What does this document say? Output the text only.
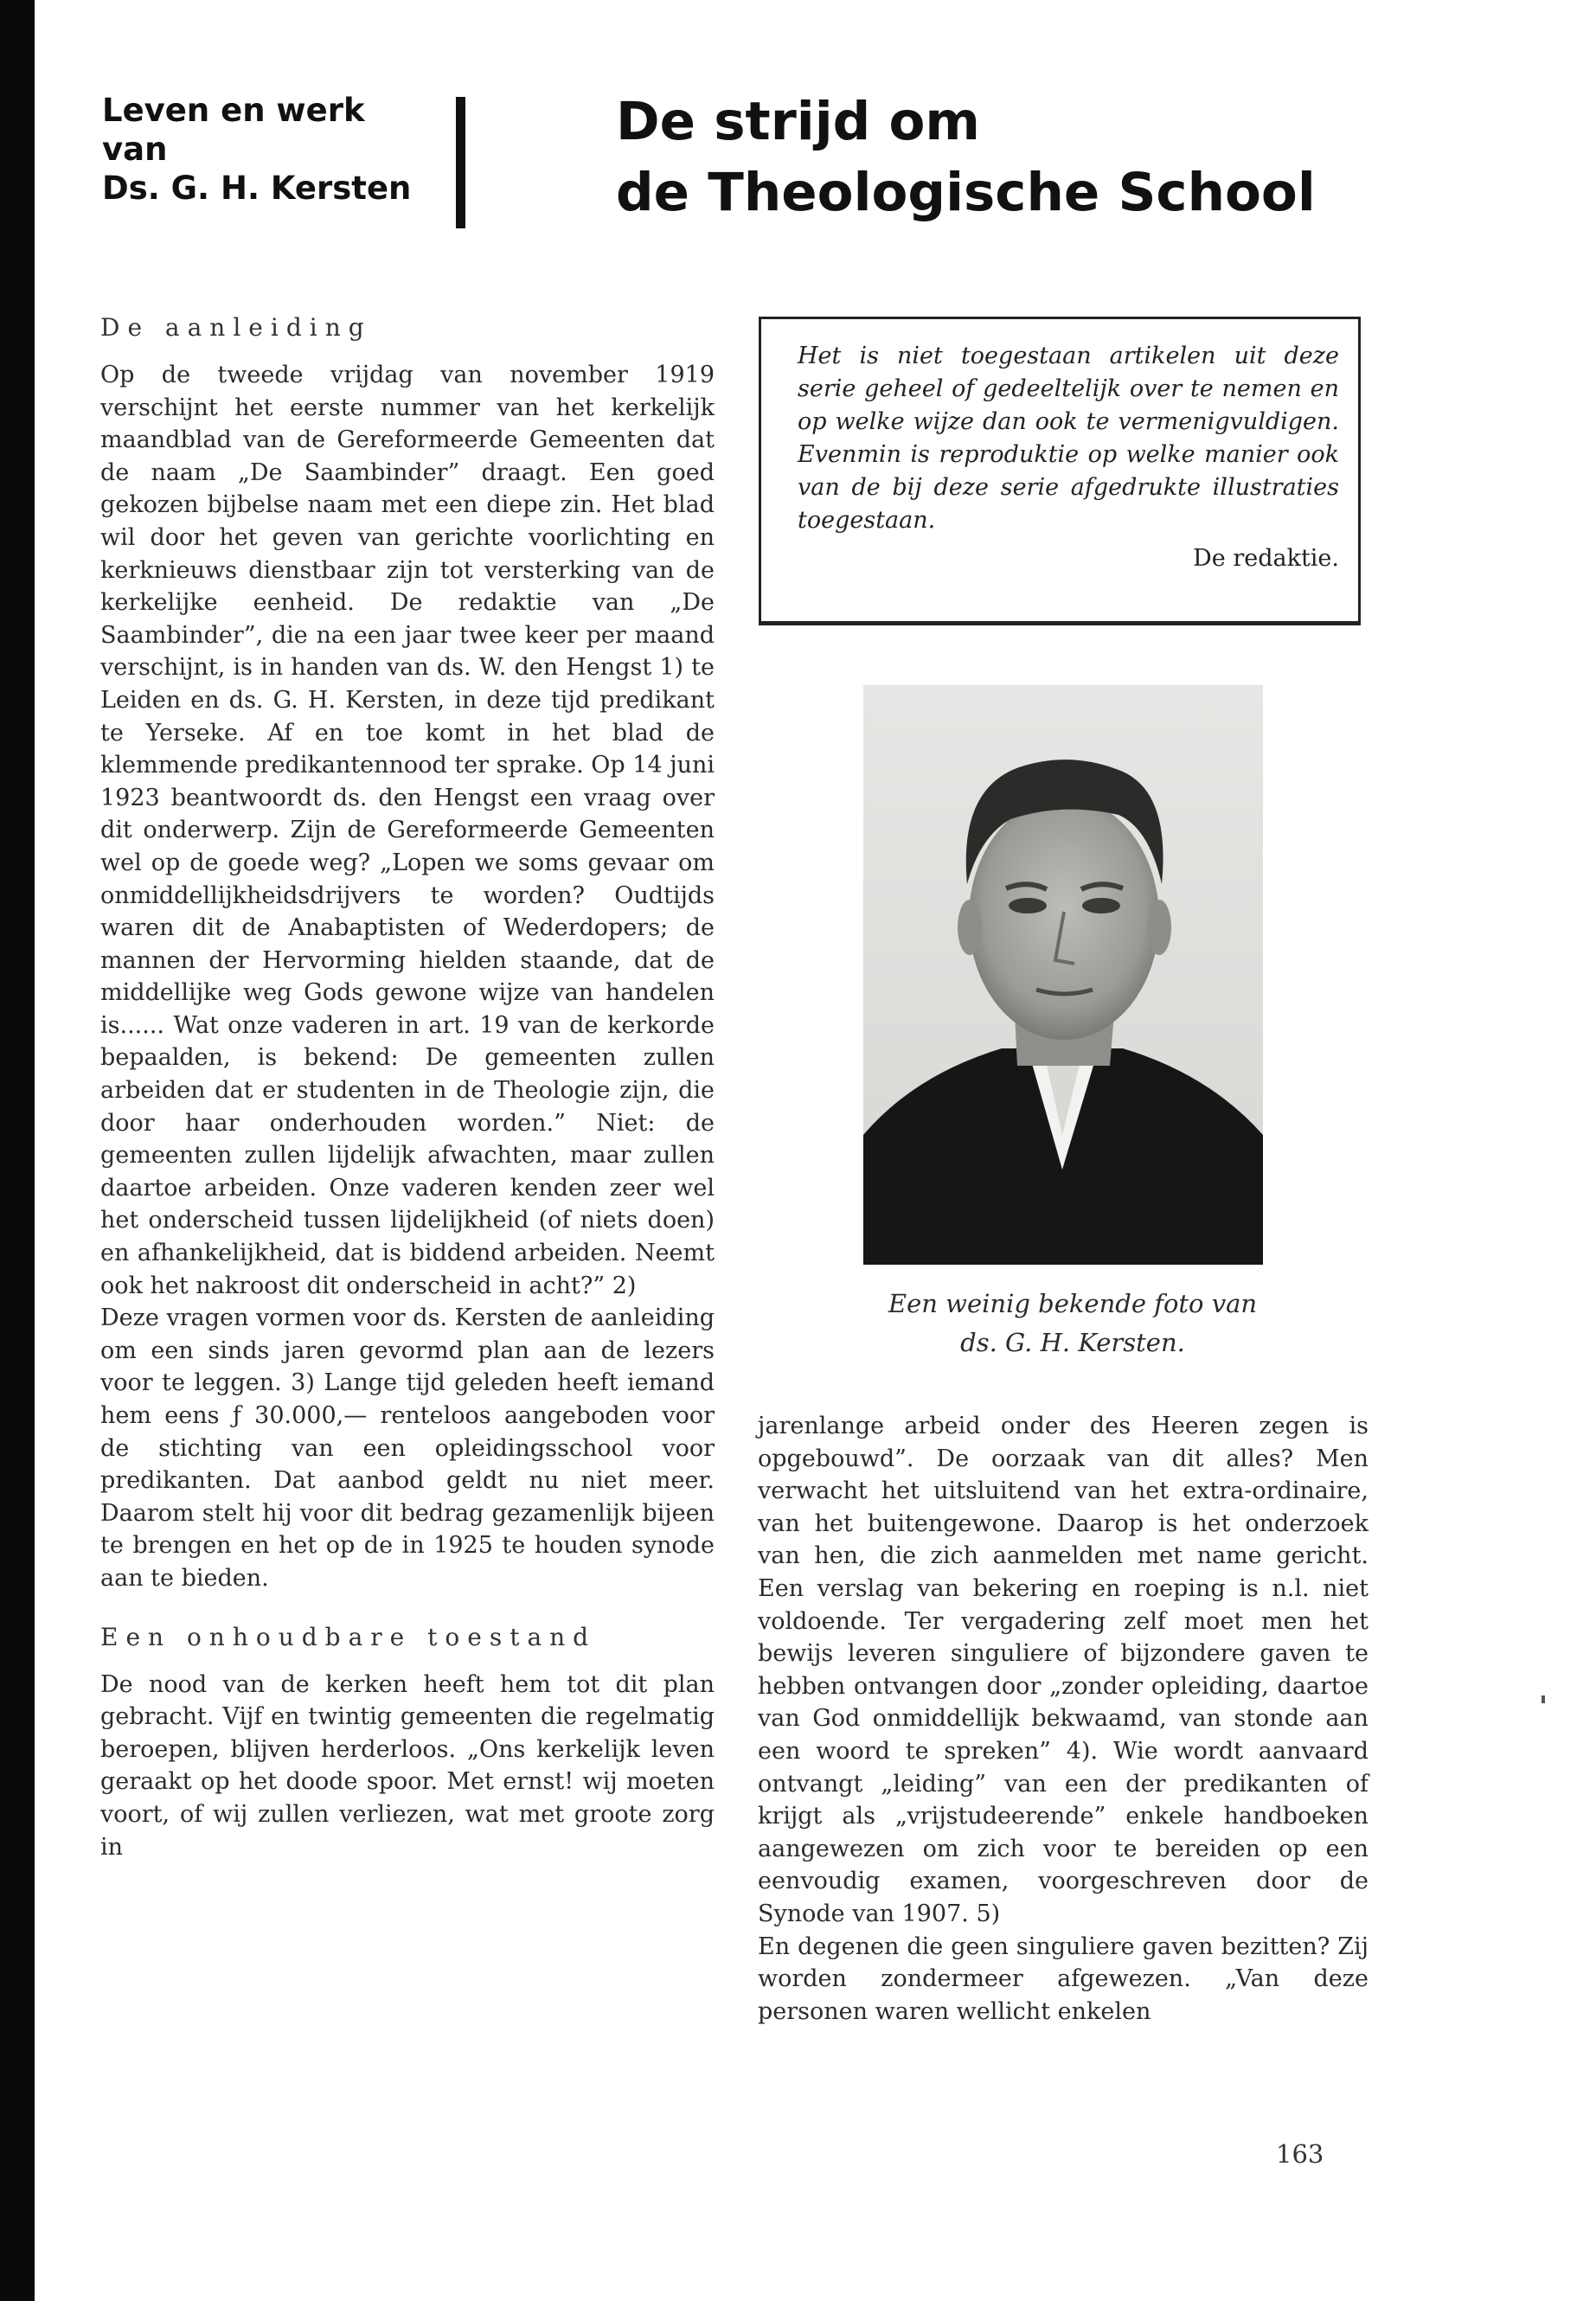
Leven en werk
van
Ds. G. H. Kersten
De strijd om
de Theologische School
De aanleiding

Op de tweede vrijdag van november 1919 verschijnt het eerste nummer van het kerkelijk maandblad van de Gereformeerde Gemeenten dat de naam „De Saambinder” draagt. Een goed gekozen bijbelse naam met een diepe zin. Het blad wil door het geven van gerichte voorlichting en kerknieuws dienstbaar zijn tot versterking van de kerkelijke eenheid. De redaktie van „De Saambinder”, die na een jaar twee keer per maand verschijnt, is in handen van ds. W. den Hengst 1) te Leiden en ds. G. H. Kersten, in deze tijd predikant te Yerseke. Af en toe komt in het blad de klemmende predikantennood ter sprake. Op 14 juni 1923 beantwoordt ds. den Hengst een vraag over dit onderwerp. Zijn de Gereformeerde Gemeenten wel op de goede weg? „Lopen we soms gevaar om onmiddellijkheidsdrijvers te worden? Oudtijds waren dit de Anabaptisten of Wederdopers; de mannen der Hervorming hielden staande, dat de middellijke weg Gods gewone wijze van handelen is...... Wat onze vaderen in art. 19 van de kerkorde bepaalden, is bekend: De gemeenten zullen arbeiden dat er studenten in de Theologie zijn, die door haar onderhouden worden.” Niet: de gemeenten zullen lijdelijk afwachten, maar zullen daartoe arbeiden. Onze vaderen kenden zeer wel het onderscheid tussen lijdelijkheid (of niets doen) en afhankelijkheid, dat is biddend arbeiden. Neemt ook het nakroost dit onderscheid in acht?” 2)

Deze vragen vormen voor ds. Kersten de aanleiding om een sinds jaren gevormd plan aan de lezers voor te leggen. 3) Lange tijd geleden heeft iemand hem eens ƒ 30.000,— renteloos aangeboden voor de stichting van een opleidingsschool voor predikanten. Dat aanbod geldt nu niet meer. Daarom stelt hij voor dit bedrag gezamenlijk bijeen te brengen en het op de in 1925 te houden synode aan te bieden.

Een onhoudbare toestand

De nood van de kerken heeft hem tot dit plan gebracht. Vijf en twintig gemeenten die regelmatig beroepen, blijven herderloos. „Ons kerkelijk leven geraakt op het doode spoor. Met ernst! wij moeten voort, of wij zullen verliezen, wat met groote zorg in

Het is niet toegestaan artikelen uit deze serie geheel of gedeeltelijk over te nemen en op welke wijze dan ook te vermenigvuldigen. Evenmin is reproduktie op welke manier ook van de bij deze serie afgedrukte illustraties toegestaan.
De redaktie.
Een weinig bekende foto van
ds. G. H. Kersten.

jarenlange arbeid onder des Heeren zegen is opgebouwd”. De oorzaak van dit alles? Men verwacht het uitsluitend van het extra-ordinaire, van het buitengewone. Daarop is het onderzoek van hen, die zich aanmelden met name gericht. Een verslag van bekering en roeping is n.l. niet voldoende. Ter vergadering zelf moet men het bewijs leveren singuliere of bijzondere gaven te hebben ontvangen door „zonder opleiding, daartoe van God onmiddellijk bekwaamd, van stonde aan een woord te spreken” 4). Wie wordt aanvaard ontvangt „leiding” van een der predikanten of krijgt als „vrijstudeerende” enkele handboeken aangewezen om zich voor te bereiden op een eenvoudig examen, voorgeschreven door de Synode van 1907. 5)

En degenen die geen singuliere gaven bezitten? Zij worden zondermeer afgewezen. „Van deze personen waren wellicht enkelen

163
